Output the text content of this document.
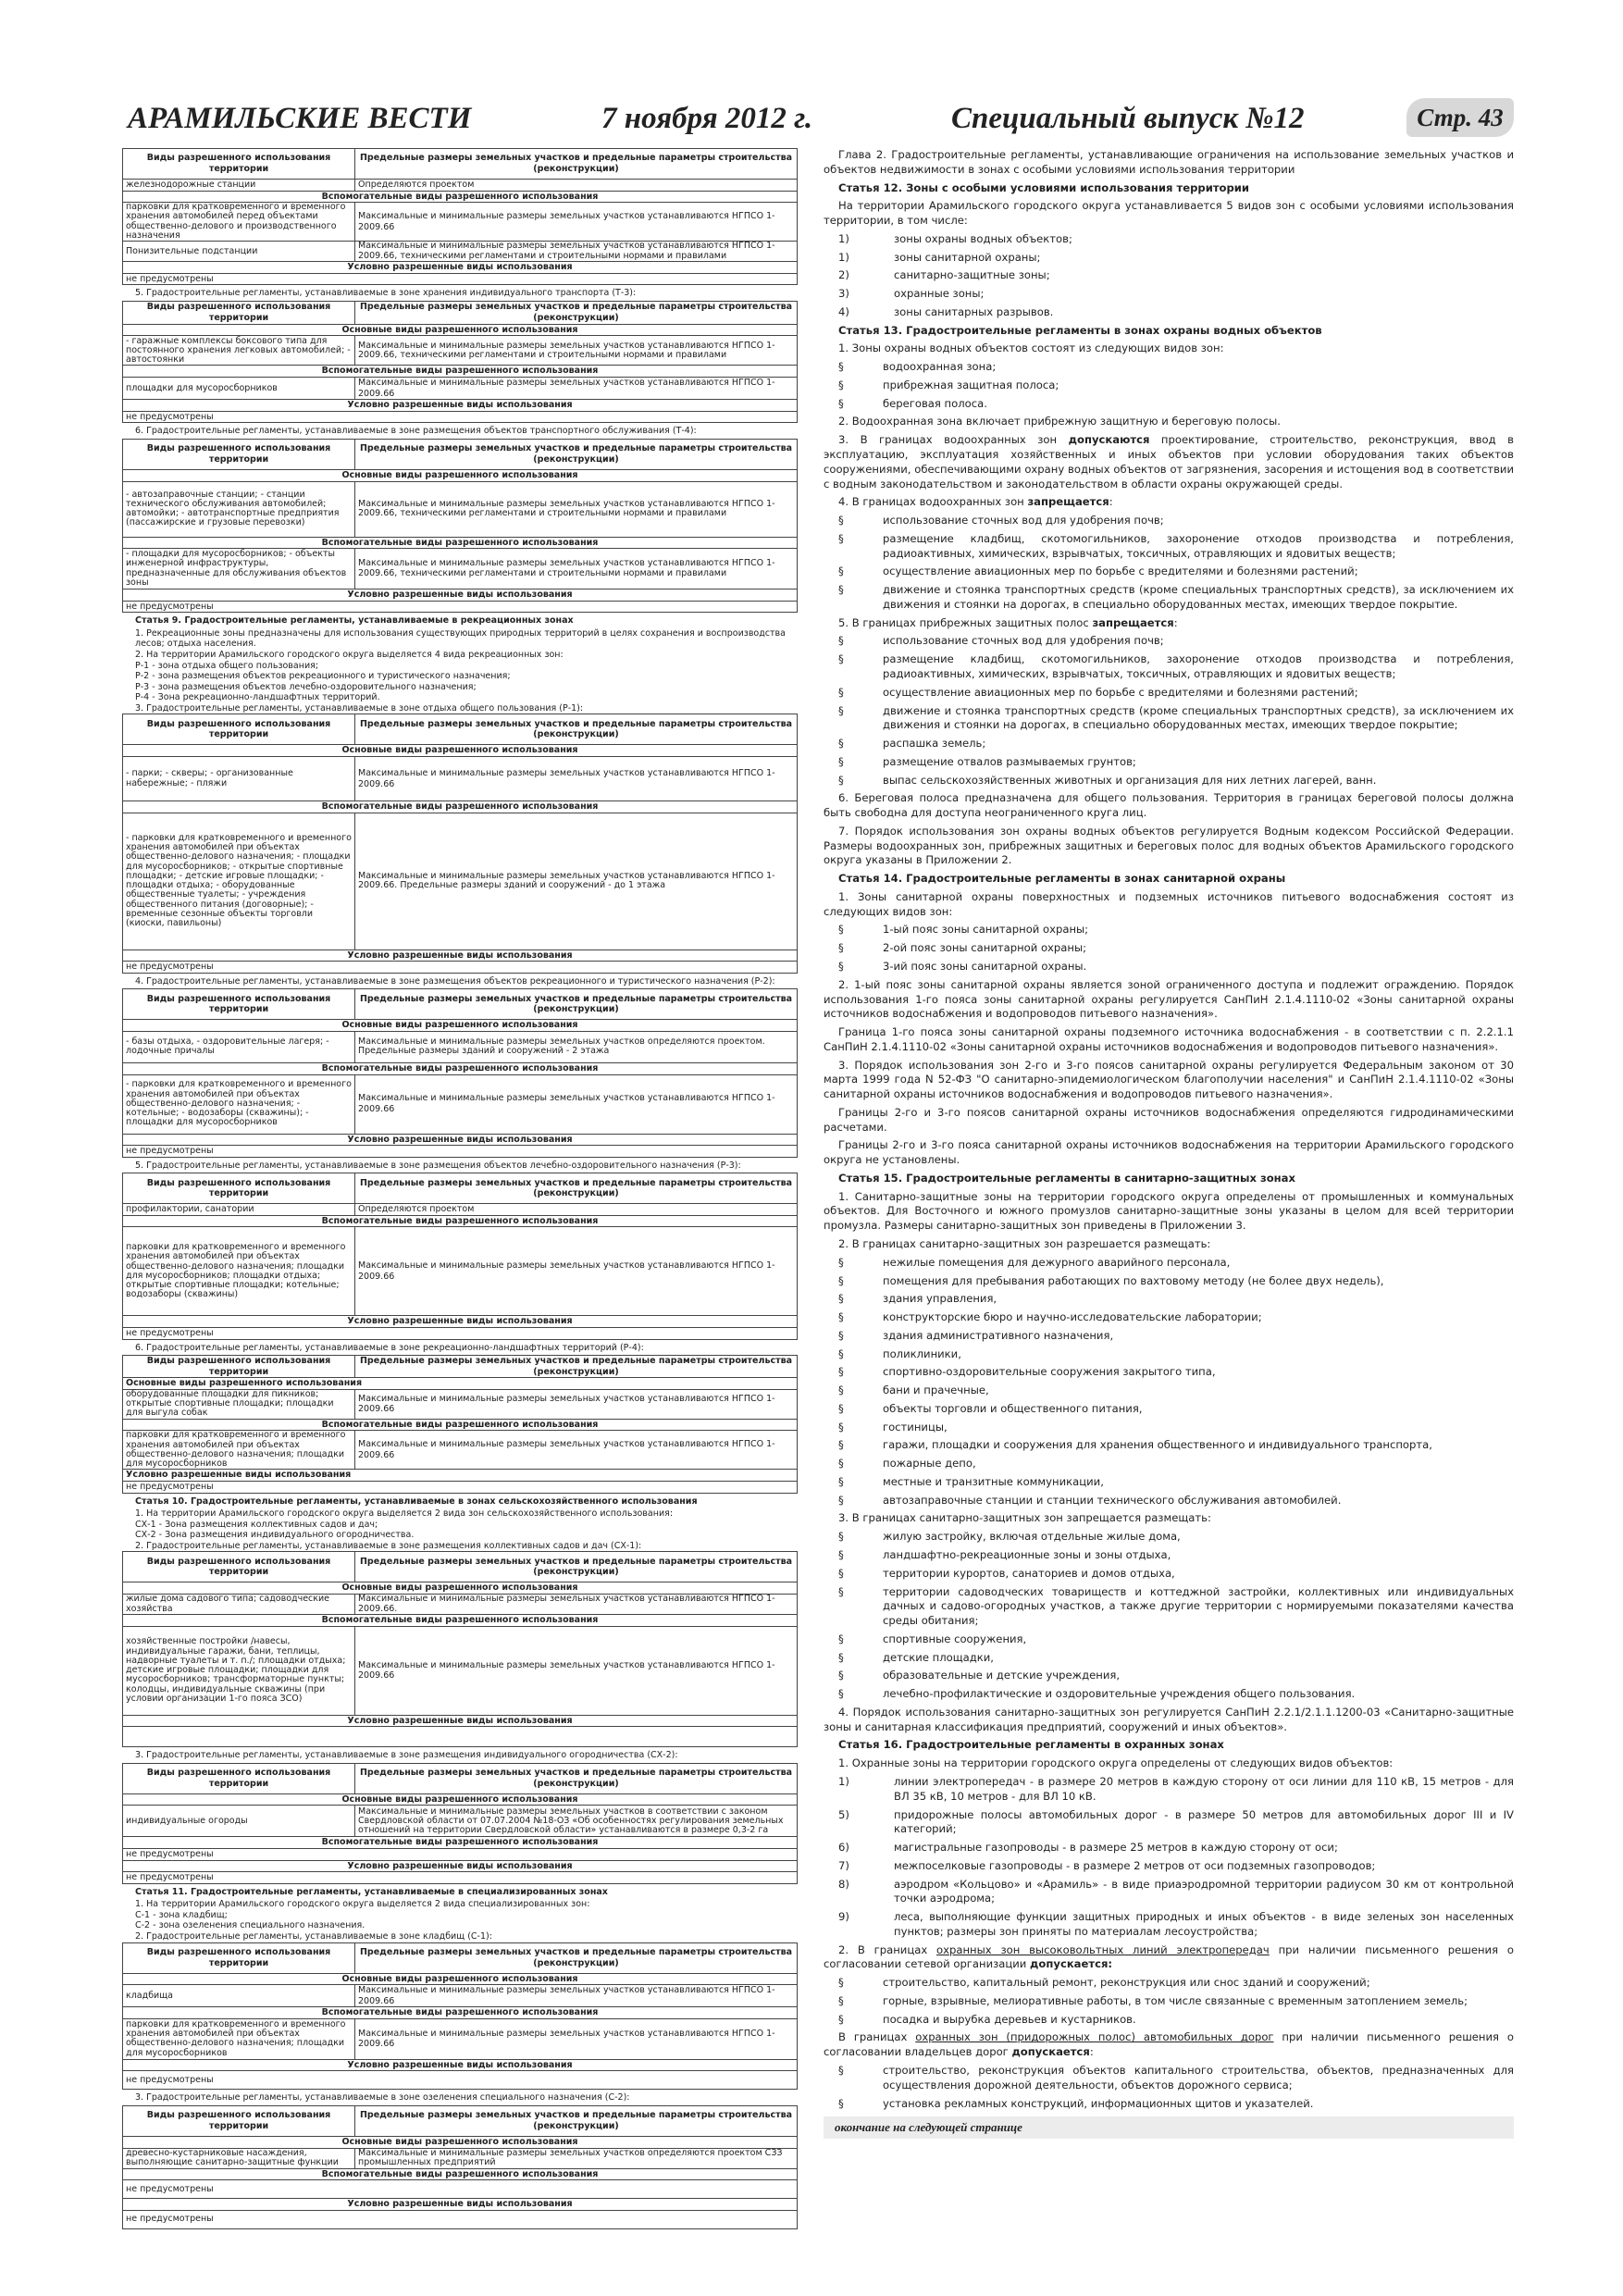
АРАМИЛЬСКИЕ ВЕСТИ	7 ноября 2012 г.	Специальный выпуск №12	Стр. 43
Виды разрешенного использования территории	Предельные размеры земельных участков и предельные параметры строительства (реконструкции)
железнодорожные станции	Определяются проектом
Вспомогательные виды разрешенного использования	
парковки для кратковременного и временного хранения автомобилей перед объектами общественно-делового и производственного назначения	Максимальные и минимальные размеры земельных участков устанавливаются НГПСО 1-2009.66
Понизительные подстанции	Максимальные и минимальные размеры земельных участков устанавливаются НГПСО 1-2009.66, техническими регламентами и строительными нормами и правилами
Условно разрешенные виды использования	
не предусмотрены	

5. Градостроительные регламенты, устанавливаемые в зоне хранения индивидуального транспорта (Т-3):

Виды разрешенного использования территории	Предельные размеры земельных участков и предельные параметры строительства (реконструкции)
Основные виды разрешенного использования	
- гаражные комплексы боксового типа для постоянного хранения легковых автомобилей; - автостоянки	Максимальные и минимальные размеры земельных участков устанавливаются НГПСО 1-2009.66, техническими регламентами и строительными нормами и правилами
Вспомогательные виды разрешенного использования	
площадки для мусоросборников	Максимальные и минимальные размеры земельных участков устанавливаются НГПСО 1-2009.66
Условно разрешенные виды использования	
не предусмотрены	

6. Градостроительные регламенты, устанавливаемые в зоне размещения объектов транспортного обслуживания (Т-4):

Виды разрешенного использования территории	Предельные размеры земельных участков и предельные параметры строительства (реконструкции)
Основные виды разрешенного использования	
- автозаправочные станции; - станции технического обслуживания автомобилей; автомойки; - автотранспортные предприятия (пассажирские и грузовые перевозки)	Максимальные и минимальные размеры земельных участков устанавливаются НГПСО 1-2009.66, техническими регламентами и строительными нормами и правилами
Вспомогательные виды разрешенного использования	
- площадки для мусоросборников; - объекты инженерной инфраструктуры, предназначенные для обслуживания объектов зоны	Максимальные и минимальные размеры земельных участков устанавливаются НГПСО 1-2009.66, техническими регламентами и строительными нормами и правилами
Условно разрешенные виды использования	
не предусмотрены	

Статья 9. Градостроительные регламенты, устанавливаемые в рекреационных зонах

1. Рекреационные зоны предназначены для использования существующих природных территорий в целях сохранения и воспроизводства лесов; отдыха населения.

2. На территории Арамильского городского округа выделяется 4 вида рекреационных зон:

Р-1 - зона отдыха общего пользования;

Р-2 - зона размещения объектов рекреационного и туристического назначения;

Р-3 - зона размещения объектов лечебно-оздоровительного назначения;

Р-4 - Зона рекреационно-ландшафтных территорий.

3. Градостроительные регламенты, устанавливаемые в зоне отдыха общего пользования (Р-1):

Виды разрешенного использования территории	Предельные размеры земельных участков и предельные параметры строительства (реконструкции)
Основные виды разрешенного использования	
- парки; - скверы; - организованные набережные; - пляжи	Максимальные и минимальные размеры земельных участков устанавливаются НГПСО 1-2009.66
Вспомогательные виды разрешенного использования	
- парковки для кратковременного и временного хранения автомобилей при объектах общественно-делового назначения; - площадки для мусоросборников; - открытые спортивные площадки; - детские игровые площадки; - площадки отдыха; - оборудованные общественные туалеты; - учреждения общественного питания (договорные); - временные сезонные объекты торговли (киоски, павильоны)	Максимальные и минимальные размеры земельных участков устанавливаются НГПСО 1-2009.66. Предельные размеры зданий и сооружений - до 1 этажа
Условно разрешенные виды использования	
не предусмотрены	

4. Градостроительные регламенты, устанавливаемые в зоне размещения объектов рекреационного и туристического назначения (Р-2):

Виды разрешенного использования территории	Предельные размеры земельных участков и предельные параметры строительства (реконструкции)
Основные виды разрешенного использования	
- базы отдыха, - оздоровительные лагеря; - лодочные причалы	Максимальные и минимальные размеры земельных участков определяются проектом. Предельные размеры зданий и сооружений - 2 этажа
Вспомогательные виды разрешенного использования	
- парковки для кратковременного и временного хранения автомобилей при объектах общественно-делового назначения; - котельные; - водозаборы (скважины); - площадки для мусоросборников	Максимальные и минимальные размеры земельных участков устанавливаются НГПСО 1-2009.66
Условно разрешенные виды использования	
не предусмотрены	

5. Градостроительные регламенты, устанавливаемые в зоне размещения объектов лечебно-оздоровительного назначения (Р-3):

Виды разрешенного использования территории	Предельные размеры земельных участков и предельные параметры строительства (реконструкции)
профилактории, санатории	Определяются проектом
Вспомогательные виды разрешенного использования	
парковки для кратковременного и временного хранения автомобилей при объектах общественно-делового назначения; площадки для мусоросборников; площадки отдыха; открытые спортивные площадки; котельные; водозаборы (скважины)	Максимальные и минимальные размеры земельных участков устанавливаются НГПСО 1-2009.66
Условно разрешенные виды использования	
не предусмотрены	

6. Градостроительные регламенты, устанавливаемые в зоне рекреационно-ландшафтных территорий (Р-4):

Виды разрешенного использования территории	Предельные размеры земельных участков и предельные параметры строительства (реконструкции)
Основные виды разрешенного использования	
оборудованные площадки для пикников; открытые спортивные площадки; площадки для выгула собак	Максимальные и минимальные размеры земельных участков устанавливаются НГПСО 1-2009.66
Вспомогательные виды разрешенного использования	
парковки для кратковременного и временного хранения автомобилей при объектах общественно-делового назначения; площадки для мусоросборников	Максимальные и минимальные размеры земельных участков устанавливаются НГПСО 1-2009.66
Условно разрешенные виды использования	
не предусмотрены	

Статья 10. Градостроительные регламенты, устанавливаемые в зонах сельскохозяйственного использования

1. На территории Арамильского городского округа выделяется 2 вида зон сельскохозяйственного использования:

СХ-1 - Зона размещения коллективных садов и дач;

СХ-2 - Зона размещения индивидуального огородничества.

2. Градостроительные регламенты, устанавливаемые в зоне размещения коллективных садов и дач (СХ-1):

Виды разрешенного использования территории	Предельные размеры земельных участков и предельные параметры строительства (реконструкции)
Основные виды разрешенного использования	
жилые дома садового типа; садоводческие хозяйства	Максимальные и минимальные размеры земельных участков устанавливаются НГПСО 1-2009.66.
Вспомогательные виды разрешенного использования	
хозяйственные постройки /навесы, индивидуальные гаражи, бани, теплицы, надворные туалеты и т. п./; площадки отдыха; детские игровые площадки; площадки для мусоросборников; трансформаторные пункты; колодцы, индивидуальные скважины (при условии организации 1-го пояса ЗСО)	Максимальные и минимальные размеры земельных участков устанавливаются НГПСО 1-2009.66
Условно разрешенные виды использования	

3. Градостроительные регламенты, устанавливаемые в зоне размещения индивидуального огородничества (СХ-2):

Виды разрешенного использования территории	Предельные размеры земельных участков и предельные параметры строительства (реконструкции)
Основные виды разрешенного использования	
индивидуальные огороды	Максимальные и минимальные размеры земельных участков в соответствии с законом Свердловской области от 07.07.2004 №18-ОЗ «Об особенностях регулирования земельных отношений на территории Свердловской области» устанавливаются в размере 0,3-2 га
Вспомогательные виды разрешенного использования	
не предусмотрены	
Условно разрешенные виды использования	
не предусмотрены	

Статья 11. Градостроительные регламенты, устанавливаемые в специализированных зонах

1. На территории Арамильского городского округа выделяется 2 вида специализированных зон:

С-1 - зона кладбищ;

С-2 - зона озеленения специального назначения.

2. Градостроительные регламенты, устанавливаемые в зоне кладбищ (С-1):

Виды разрешенного использования территории	Предельные размеры земельных участков и предельные параметры строительства (реконструкции)
Основные виды разрешенного использования	
кладбища	Максимальные и минимальные размеры земельных участков устанавливаются НГПСО 1-2009.66
Вспомогательные виды разрешенного использования	
парковки для кратковременного и временного хранения автомобилей при объектах общественно-делового назначения; площадки для мусоросборников	Максимальные и минимальные размеры земельных участков устанавливаются НГПСО 1-2009.66
Условно разрешенные виды использования	
не предусмотрены	

3. Градостроительные регламенты, устанавливаемые в зоне озеленения специального назначения (С-2):

Виды разрешенного использования территории	Предельные размеры земельных участков и предельные параметры строительства (реконструкции)
Основные виды разрешенного использования	
древесно-кустарниковые насаждения, выполняющие санитарно-защитные функции	Максимальные и минимальные размеры земельных участков определяются проектом СЗЗ промышленных предприятий
Вспомогательные виды разрешенного использования	
не предусмотрены	
Условно разрешенные виды использования	
не предусмотрены	

Глава 2. Градостроительные регламенты, устанавливающие ограничения на использование земельных участков и объектов недвижимости в зонах с особыми условиями использования территории

Статья 12. Зоны с особыми условиями использования территории

На территории Арамильского городского округа устанавливается 5 видов зон с особыми условиями использования территории, в том числе:

1)	зоны охраны водных объектов;
1)	зоны санитарной охраны;
2)	санитарно-защитные зоны;
3)	охранные зоны;
4)	зоны санитарных разрывов.

Статья 13. Градостроительные регламенты в зонах охраны водных объектов

1. Зоны охраны водных объектов состоят из следующих видов зон:

§	водоохранная зона;
§	прибрежная защитная полоса;
§	береговая полоса.

2. Водоохранная зона включает прибрежную защитную и береговую полосы.

3. В границах водоохранных зон допускаются проектирование, строительство, реконструкция, ввод в эксплуатацию, эксплуатация хозяйственных и иных объектов при условии оборудования таких объектов сооружениями, обеспечивающими охрану водных объектов от загрязнения, засорения и истощения вод в соответствии с водным законодательством и законодательством в области охраны окружающей среды.

4. В границах водоохранных зон запрещается:

§	использование сточных вод для удобрения почв;
§	размещение кладбищ, скотомогильников, захоронение отходов производства и потребления, радиоактивных, химических, взрывчатых, токсичных, отравляющих и ядовитых веществ;
§	осуществление авиационных мер по борьбе с вредителями и болезнями растений;
§	движение и стоянка транспортных средств (кроме специальных транспортных средств), за исключением их движения и стоянки на дорогах, в специально оборудованных местах, имеющих твердое покрытие.

5. В границах прибрежных защитных полос запрещается:

§	использование сточных вод для удобрения почв;
§	размещение кладбищ, скотомогильников, захоронение отходов производства и потребления, радиоактивных, химических, взрывчатых, токсичных, отравляющих и ядовитых веществ;
§	осуществление авиационных мер по борьбе с вредителями и болезнями растений;
§	движение и стоянка транспортных средств (кроме специальных транспортных средств), за исключением их движения и стоянки на дорогах, в специально оборудованных местах, имеющих твердое покрытие;
§	распашка земель;
§	размещение отвалов размываемых грунтов;
§	выпас сельскохозяйственных животных и организация для них летних лагерей, ванн.

6. Береговая полоса предназначена для общего пользования. Территория в границах береговой полосы должна быть свободна для доступа неограниченного круга лиц.

7. Порядок использования зон охраны водных объектов регулируется Водным кодексом Российской Федерации. Размеры водоохранных зон, прибрежных защитных и береговых полос для водных объектов Арамильского городского округа указаны в Приложении 2.

Статья 14. Градостроительные регламенты в зонах санитарной охраны

1. Зоны санитарной охраны поверхностных и подземных источников питьевого водоснабжения состоят из следующих видов зон:

§	1-ый пояс зоны санитарной охраны;
§	2-ой пояс зоны санитарной охраны;
§	3-ий пояс зоны санитарной охраны.

2. 1-ый пояс зоны санитарной охраны является зоной ограниченного доступа и подлежит ограждению. Порядок использования 1-го пояса зоны санитарной охраны регулируется СанПиН 2.1.4.1110-02 «Зоны санитарной охраны источников водоснабжения и водопроводов питьевого назначения».

Граница 1-го пояса зоны санитарной охраны подземного источника водоснабжения - в соответствии с п. 2.2.1.1 СанПиН 2.1.4.1110-02 «Зоны санитарной охраны источников водоснабжения и водопроводов питьевого назначения».

3. Порядок использования зон 2-го и 3-го поясов санитарной охраны регулируется Федеральным законом от 30 марта 1999 года N 52-ФЗ "О санитарно-эпидемиологическом благополучии населения" и СанПиН 2.1.4.1110-02 «Зоны санитарной охраны источников водоснабжения и водопроводов питьевого назначения».

Границы 2-го и 3-го поясов санитарной охраны источников водоснабжения определяются гидродинамическими расчетами.

Границы 2-го и 3-го пояса санитарной охраны источников водоснабжения на территории Арамильского городского округа не установлены.

Статья 15. Градостроительные регламенты в санитарно-защитных зонах

1. Санитарно-защитные зоны на территории городского округа определены от промышленных и коммунальных объектов. Для Восточного и южного промузлов санитарно-защитные зоны указаны в целом для всей территории промузла. Размеры санитарно-защитных зон приведены в Приложении 3.

2. В границах санитарно-защитных зон разрешается размещать:

§	нежилые помещения для дежурного аварийного персонала,
§	помещения для пребывания работающих по вахтовому методу (не более двух недель),
§	здания управления,
§	конструкторские бюро и научно-исследовательские лаборатории;
§	здания административного назначения,
§	поликлиники,
§	спортивно-оздоровительные сооружения закрытого типа,
§	бани и прачечные,
§	объекты торговли и общественного питания,
§	гостиницы,
§	гаражи, площадки и сооружения для хранения общественного и индивидуального транспорта,
§	пожарные депо,
§	местные и транзитные коммуникации,
§	автозаправочные станции и станции технического обслуживания автомобилей.

3. В границах санитарно-защитных зон запрещается размещать:

§	жилую застройку, включая отдельные жилые дома,
§	ландшафтно-рекреационные зоны и зоны отдыха,
§	территории курортов, санаториев и домов отдыха,
§	территории садоводческих товариществ и коттеджной застройки, коллективных или индивидуальных дачных и садово-огородных участков, а также другие территории с нормируемыми показателями качества среды обитания;
§	спортивные сооружения,
§	детские площадки,
§	образовательные и детские учреждения,
§	лечебно-профилактические и оздоровительные учреждения общего пользования.

4. Порядок использования санитарно-защитных зон регулируется СанПиН 2.2.1/2.1.1.1200-03 «Санитарно-защитные зоны и санитарная классификация предприятий, сооружений и иных объектов».

Статья 16. Градостроительные регламенты в охранных зонах

1. Охранные зоны на территории городского округа определены от следующих видов объектов:

1)	линии электропередач - в размере 20 метров в каждую сторону от оси линии для 110 кВ, 15 метров - для ВЛ 35 кВ, 10 метров - для ВЛ 10 кВ.
5)	придорожные полосы автомобильных дорог - в размере 50 метров для автомобильных дорог III и IV категорий;
6)	магистральные газопроводы - в размере 25 метров в каждую сторону от оси;
7)	межпоселковые газопроводы - в размере 2 метров от оси подземных газопроводов;
8)	аэродром «Кольцово» и «Арамиль» - в виде приаэродромной территории радиусом 30 км от контрольной точки аэродрома;
9)	леса, выполняющие функции защитных природных и иных объектов - в виде зеленых зон населенных пунктов; размеры зон приняты по материалам лесоустройства;

2. В границах охранных зон высоковольтных линий электропередач при наличии письменного решения о согласовании сетевой организации допускается:

§	строительство, капитальный ремонт, реконструкция или снос зданий и сооружений;
§	горные, взрывные, мелиоративные работы, в том числе связанные с временным затоплением земель;
§	посадка и вырубка деревьев и кустарников.

В границах охранных зон (придорожных полос) автомобильных дорог при наличии письменного решения о согласовании владельцев дорог допускается:

§	строительство, реконструкция объектов капитального строительства, объектов, предназначенных для осуществления дорожной деятельности, объектов дорожного сервиса;
§	установка рекламных конструкций, информационных щитов и указателей.
окончание на следующей странице
